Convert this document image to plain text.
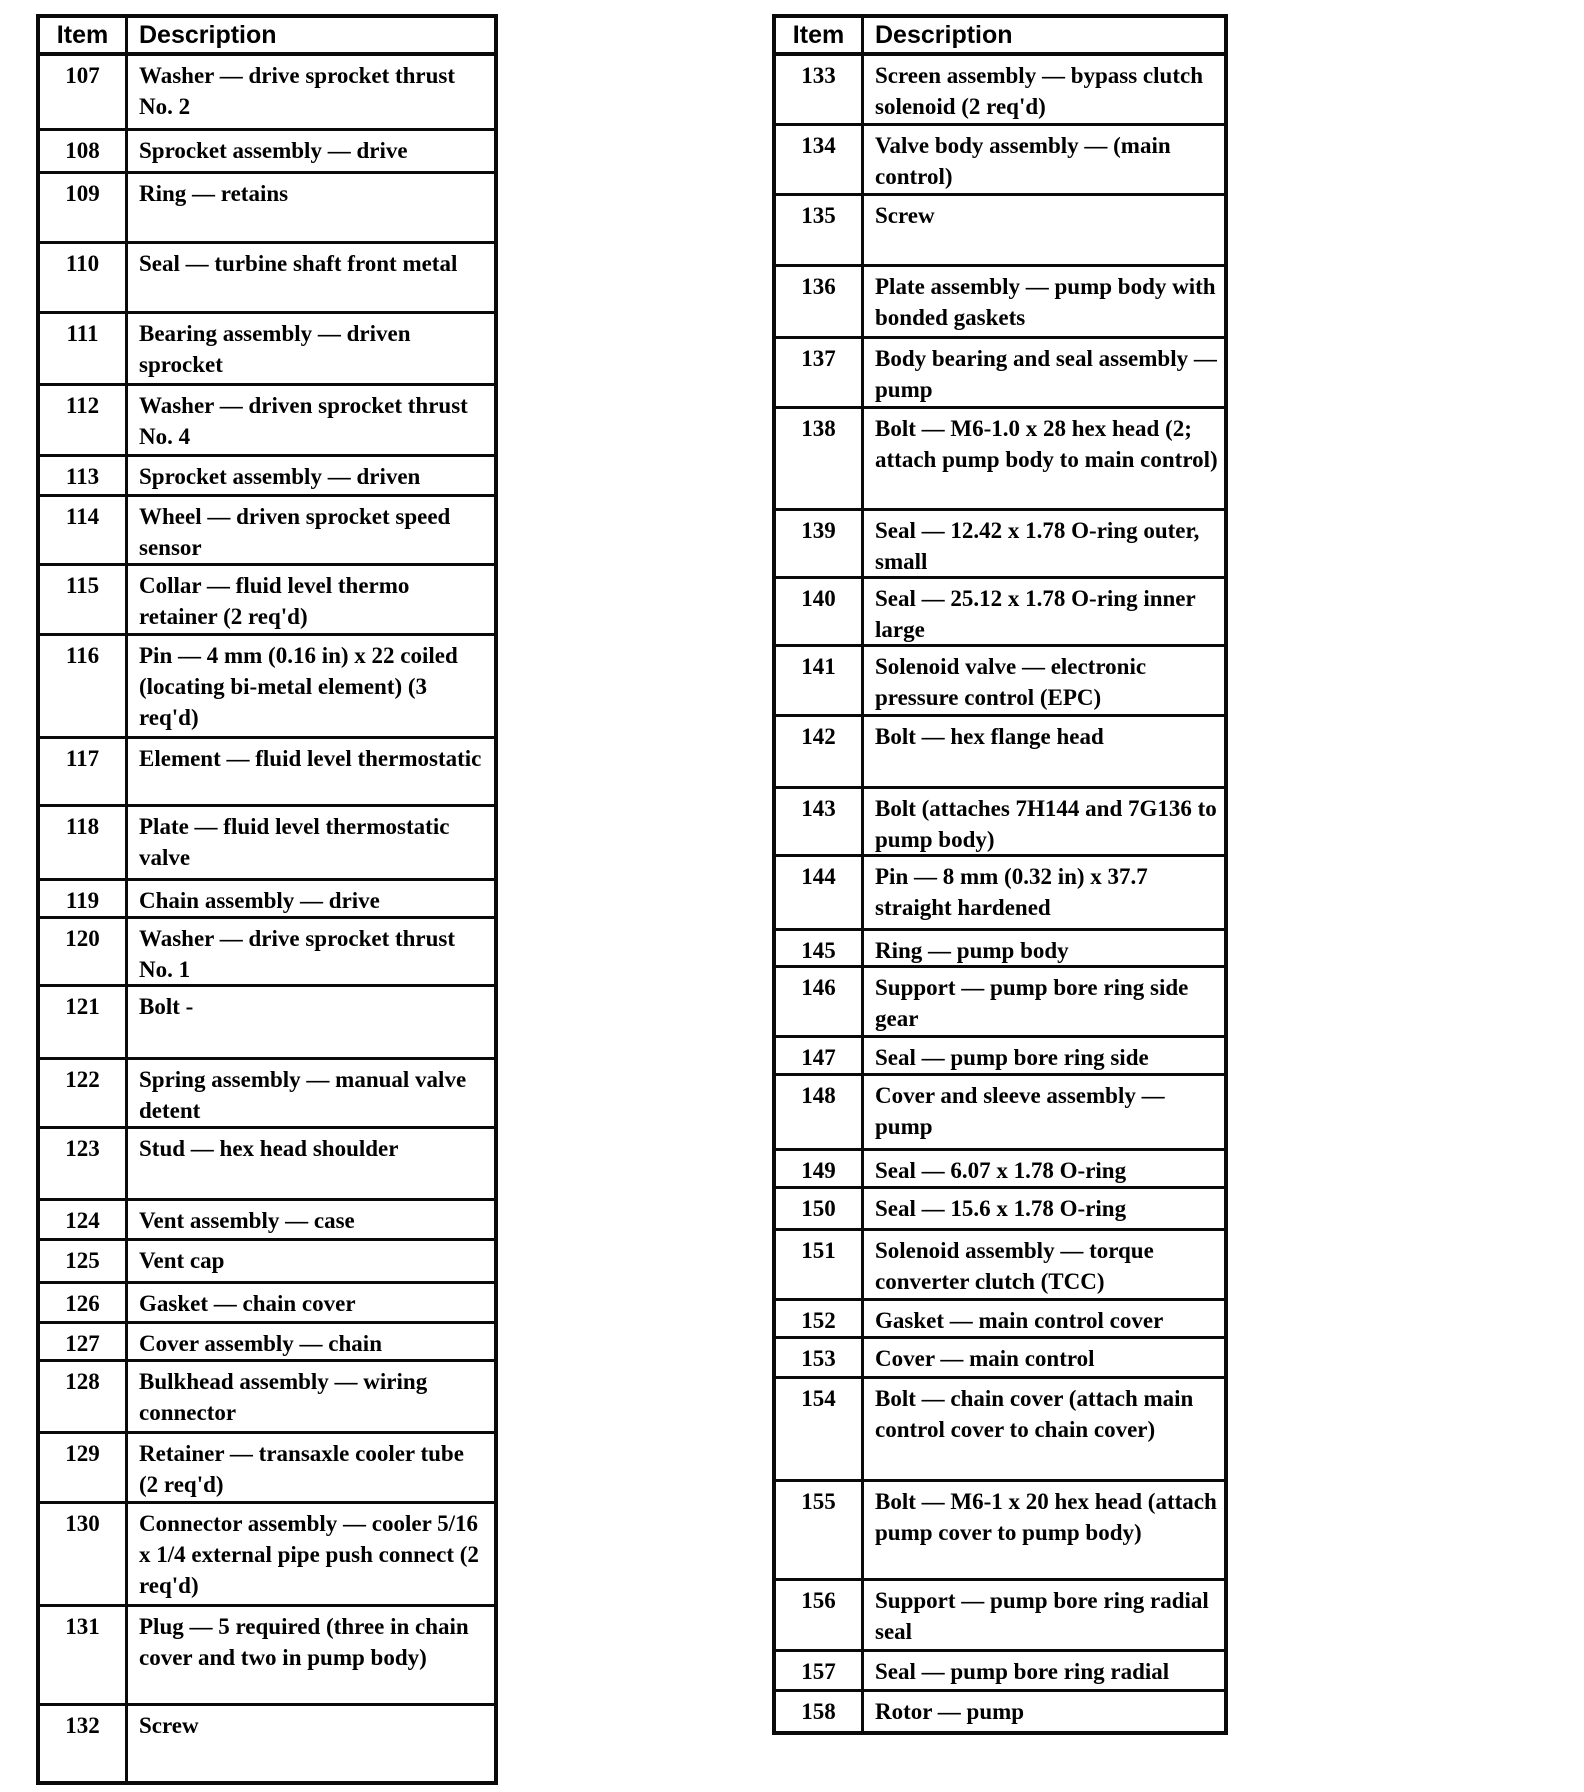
Item	Description
107	Washer — drive sprocket thrust No. 2
108	Sprocket assembly — drive
109	Ring — retains
110	Seal — turbine shaft front metal
111	Bearing assembly — driven sprocket
112	Washer — driven sprocket thrust No. 4
113	Sprocket assembly — driven
114	Wheel — driven sprocket speed sensor
115	Collar — fluid level thermo retainer (2 req'd)
116	Pin — 4 mm (0.16 in) x 22 coiled (locating bi-metal element) (3 req'd)
117	Element — fluid level thermostatic
118	Plate — fluid level thermostatic valve
119	Chain assembly — drive
120	Washer — drive sprocket thrust No. 1
121	Bolt -
122	Spring assembly — manual valve detent
123	Stud — hex head shoulder
124	Vent assembly — case
125	Vent cap
126	Gasket — chain cover
127	Cover assembly — chain
128	Bulkhead assembly — wiring connector
129	Retainer — transaxle cooler tube (2 req'd)
130	Connector assembly — cooler 5/16 x 1/4 external pipe push connect (2 req'd)
131	Plug — 5 required (three in chain cover and two in pump body)
132	Screw
Item	Description
133	Screen assembly — bypass clutch solenoid (2 req'd)
134	Valve body assembly — (main control)
135	Screw
136	Plate assembly — pump body with bonded gaskets
137	Body bearing and seal assembly — pump
138	Bolt — M6-1.0 x 28 hex head (2; attach pump body to main control)
139	Seal — 12.42 x 1.78 O-ring outer, small
140	Seal — 25.12 x 1.78 O-ring inner large
141	Solenoid valve — electronic pressure control (EPC)
142	Bolt — hex flange head
143	Bolt (attaches 7H144 and 7G136 to pump body)
144	Pin — 8 mm (0.32 in) x 37.7 straight hardened
145	Ring — pump body
146	Support — pump bore ring side gear
147	Seal — pump bore ring side
148	Cover and sleeve assembly — pump
149	Seal — 6.07 x 1.78 O-ring
150	Seal — 15.6 x 1.78 O-ring
151	Solenoid assembly — torque converter clutch (TCC)
152	Gasket — main control cover
153	Cover — main control
154	Bolt — chain cover (attach main control cover to chain cover)
155	Bolt — M6-1 x 20 hex head (attach pump cover to pump body)
156	Support — pump bore ring radial seal
157	Seal — pump bore ring radial
158	Rotor — pump
